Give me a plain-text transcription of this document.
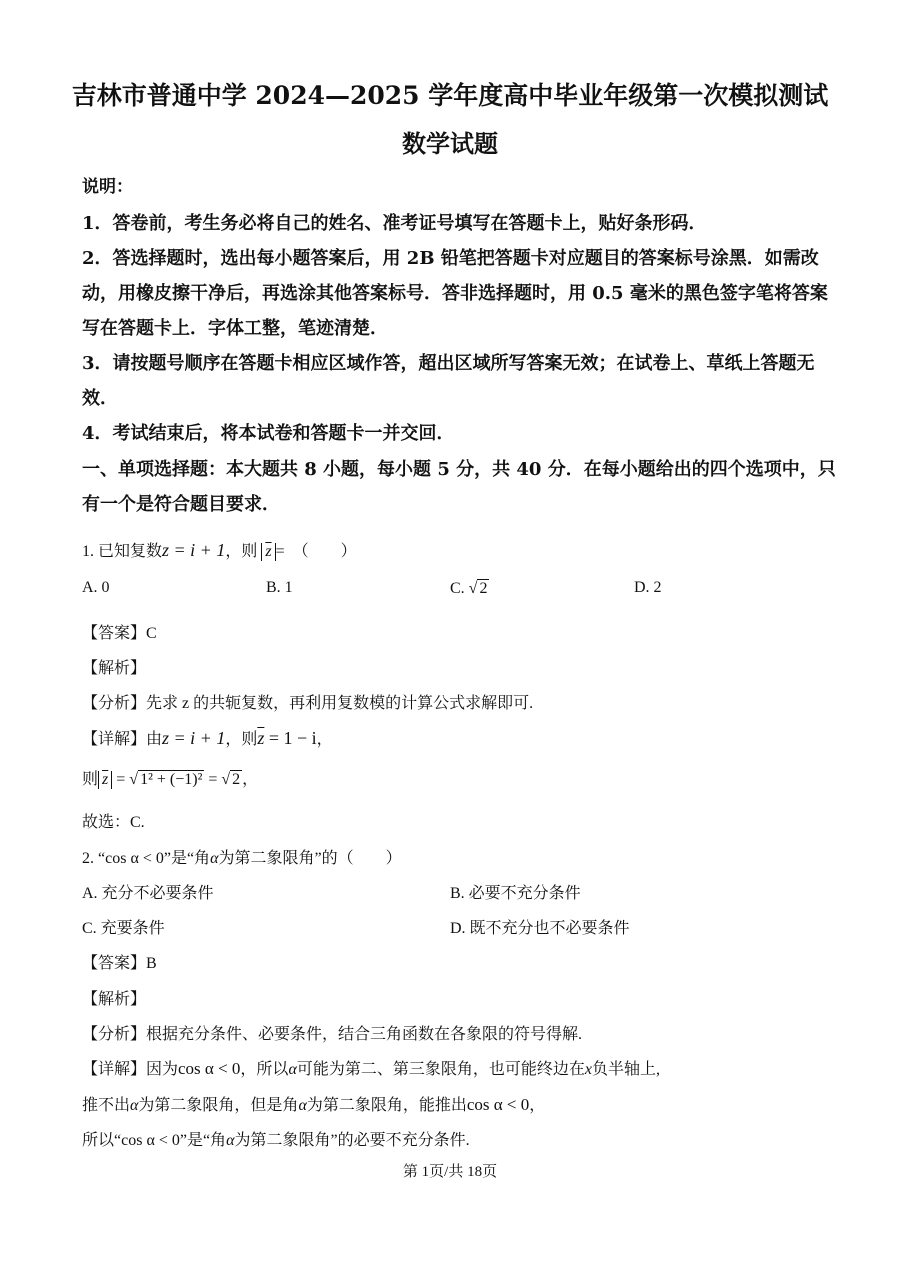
吉林市普通中学 2024—2025 学年度高中毕业年级第一次模拟测试
数学试题
说明：
1．答卷前，考生务必将自己的姓名、准考证号填写在答题卡上，贴好条形码．
2．答选择题时，选出每小题答案后，用 2B 铅笔把答题卡对应题目的答案标号涂黑．如需改
动，用橡皮擦干净后，再选涂其他答案标号．答非选择题时，用 0.5 毫米的黑色签字笔将答案
写在答题卡上．字体工整，笔迹清楚．
3．请按题号顺序在答题卡相应区域作答，超出区域所写答案无效；在试卷上、草纸上答题无
效．
4．考试结束后，将本试卷和答题卡一并交回．
一、单项选择题：本大题共 8 小题，每小题 5 分，共 40 分．在每小题给出的四个选项中，只
有一个是符合题目要求．
1. 已知复数z = i + 1，则 $\overline{z}$ = （　　）
A. 0	B. 1	C. √ 2	D. 2
【答案】C
【解析】
【分析】先求 z 的共轭复数，再利用复数模的计算公式求解即可.
【详解】由z = i + 1，则$\overline{z} = 1 - i$，
则 $\overline{z}$ = √ 1² + (−1)² = √ 2 ，
故选：C.
2. “cos α < 0”是“角α为第二象限角”的（　　）
A. 充分不必要条件	B. 必要不充分条件
C. 充要条件	D. 既不充分也不必要条件
【答案】B
【解析】
【分析】根据充分条件、必要条件，结合三角函数在各象限的符号得解.
【详解】因为cos α < 0，所以α可能为第二、第三象限角，也可能终边在x负半轴上,
推不出α为第二象限角，但是角α为第二象限角，能推出cos α < 0，
所以“cos α < 0”是“角α为第二象限角”的必要不充分条件.
第 1页/共 18页
